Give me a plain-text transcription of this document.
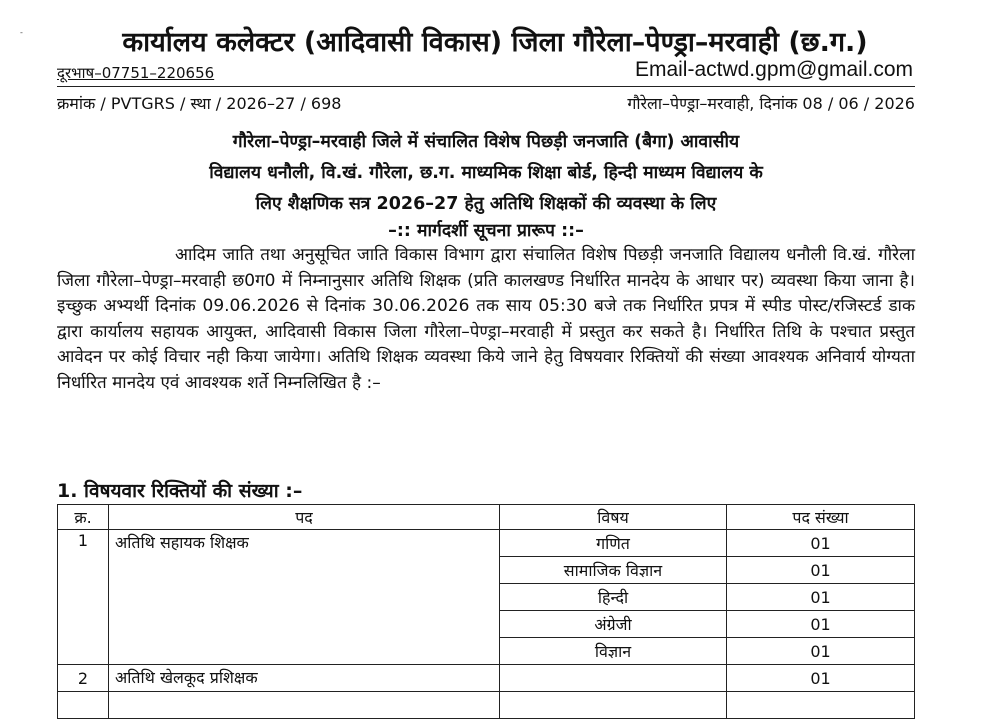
-	कार्यालय कलेक्टर (आदिवासी विकास) जिला गौरेला–पेण्ड्रा–मरवाही (छ.ग.)
दूरभाष–07751–220656	Email-actwd.gpm@gmail.com
क्रमांक / PVTGRS / स्था / 2026–27 / 698	गौरेला–पेण्ड्रा–मरवाही, दिनांक 08 / 06 / 2026
गौरेला–पेण्ड्रा–मरवाही जिले में संचालित विशेष पिछड़ी जनजाति (बैगा) आवासीय
विद्यालय धनौली, वि.खं. गौरेला, छ.ग. माध्यमिक शिक्षा बोर्ड, हिन्दी माध्यम विद्यालय के
लिए शैक्षणिक सत्र 2026–27 हेतु अतिथि शिक्षकों की व्यवस्था के लिए
–:: मार्गदर्शी सूचना प्रारूप ::–
आदिम जाति तथा अनुसूचित जाति विकास विभाग द्वारा संचालित विशेष पिछड़ी जनजाति विद्यालय धनौली वि.खं. गौरेला जिला गौरेला–पेण्ड्रा–मरवाही छ0ग0 में निम्नानुसार अतिथि शिक्षक (प्रति कालखण्ड निर्धारित मानदेय के आधार पर) व्यवस्था किया जाना है। इच्छुक अभ्यर्थी दिनांक 09.06.2026 से दिनांक 30.06.2026 तक साय 05:30 बजे तक निर्धारित प्रपत्र में स्पीड पोस्ट/रजिस्टर्ड डाक द्वारा कार्यालय सहायक आयुक्त, आदिवासी विकास जिला गौरेला–पेण्ड्रा–मरवाही में प्रस्तुत कर सकते है। निर्धारित तिथि के पश्चात प्रस्तुत आवेदन पर कोई विचार नही किया जायेगा। अतिथि शिक्षक व्यवस्था किये जाने हेतु विषयवार रिक्तियों की संख्या आवश्यक अनिवार्य योग्यता निर्धारित मानदेय एवं आवश्यक शर्ते निम्नलिखित है :–
1. विषयवार रिक्तियों की संख्या :–
क्र.	पद	विषय	पद संख्या
1	अतिथि सहायक शिक्षक	गणित	01
		सामाजिक विज्ञान	01
		हिन्दी	01
		अंग्रेजी	01
		विज्ञान	01
2	अतिथि खेलकूद प्रशिक्षक		01
